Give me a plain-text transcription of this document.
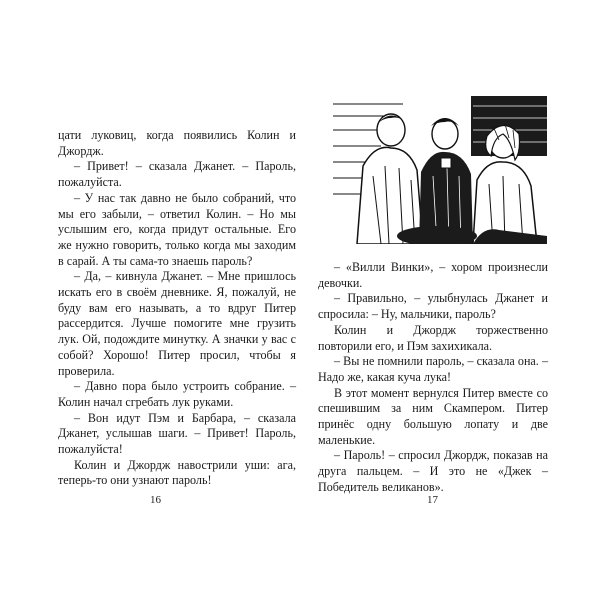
цати луковиц, когда появились Колин и Джордж.

– Привет! – сказала Джанет. – Пароль, пожалуйста.

– У нас так давно не было собраний, что мы его забыли, – ответил Колин. – Но мы услышим его, когда придут остальные. Его же нужно говорить, только когда мы заходим в сарай. А ты сама-то знаешь пароль?

– Да, – кивнула Джанет. – Мне пришлось искать его в своём дневнике. Я, пожалуй, не буду вам его называть, а то вдруг Питер рассердится. Лучше помогите мне грузить лук. Ой, подождите минутку. А значки у вас с собой? Хорошо! Питер просил, чтобы я проверила.

– Давно пора было устроить собрание. – Колин начал сгребать лук руками.

– Вон идут Пэм и Барбара, – сказала Джанет, услышав шаги. – Привет! Пароль, пожалуйста!

Колин и Джордж навострили уши: ага, теперь-то они узнают пароль!

16

– «Вилли Винки», – хором произнесли девочки.

– Правильно, – улыбнулась Джанет и спросила: – Ну, мальчики, пароль?

Колин и Джордж торжественно повторили его, и Пэм захихикала.

– Вы не помнили пароль, – сказала она. – Надо же, какая куча лука!

В этот момент вернулся Питер вместе со спешившим за ним Скампером. Питер принёс одну большую лопату и две маленькие.

– Пароль! – спросил Джордж, показав на друга пальцем. – И это не «Джек – Победитель великанов».

17
